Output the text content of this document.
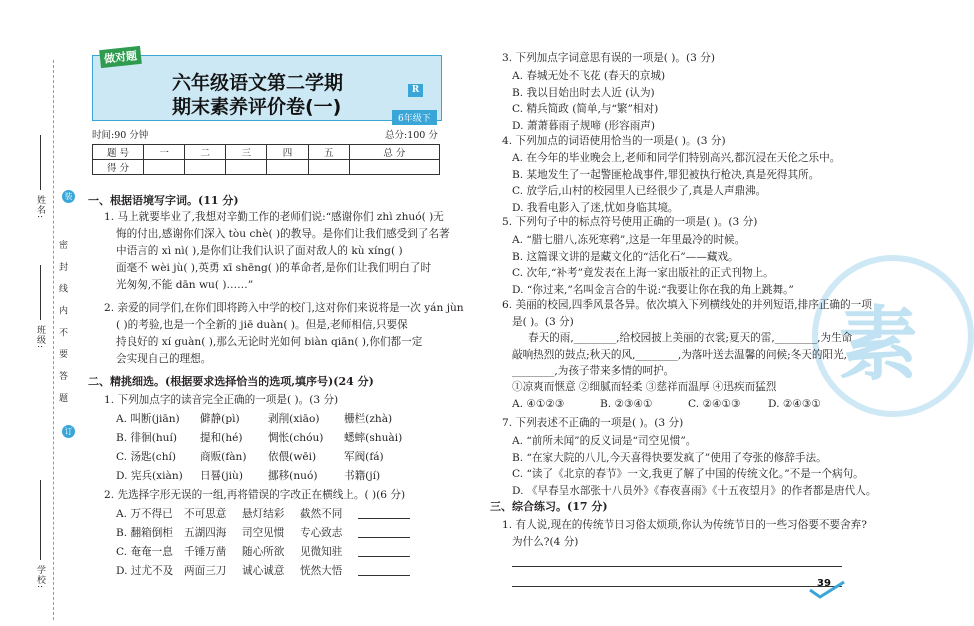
姓名:
班级:
学校:
密 封 线 内 不 要 答 题
装
订
做对题
六年级语文第二学期
期末素养评价卷(一)
R
6年级下
时间:90 分钟	总分:100 分
题 号	一	二	三	四	五	总 分
得 分						
一、根据语境写字词。(11 分)
1. 马上就要毕业了,我想对辛勤工作的老师们说:“感谢你们 zhì zhuó( )无
悔的付出,感谢你们深入 tòu chè( )的教导。是你们让我们感受到了名著
中语言的 xì nì( ),是你们让我们认识了面对敌人的 kù xíng( )
面毫不 wèi jù( ),英勇 xī shēng( )的革命者,是你们让我们明白了时
光匆匆,不能 dān wu( )……”
2. 亲爱的同学们,在你们即将跨入中学的校门,这对你们来说将是一次 yán jùn
( )的考验,也是一个全新的 jiē duàn( )。但是,老师相信,只要保
持良好的 xí guàn( ),那么无论时光如何 biàn qiān( ),你们都一定
会实现自己的理想。
二、精挑细选。(根据要求选择恰当的选项,填序号)(24 分)
1. 下列加点字的读音完全正确的一项是( )。(3 分)
A. 叫断(jiān) 僻静(pì)	剥削(xiāo) 栅栏(zhà)
B. 徘徊(huí) 提和(hé) 惆怅(chóu) 蟋蟀(shuài)
C. 汤匙(chí) 商贩(fàn) 依偎(wēi)	军阀(fá)
D. 宪兵(xiàn) 日晷(jiù) 挪移(nuó)	书籍(jí)
2. 先选择字形无误的一组,再将错误的字改正在横线上。( )(6 分)
A. 万不得已 不可思意 悬灯结彩 截然不同
B. 翻箱倒柜 五湖四海 司空见惯 专心致志
C. 奄奄一息 千锤万凿 随心所欲 见微知驻
D. 过尤不及 两面三刀 诚心诚意 恍然大悟
素
3. 下列加点字词意思有误的一项是( )。(3 分)
A. 春城无处不飞花 (春天的京城)
B. 我以目始出时去人近 (认为)
C. 精兵简政 (简单,与“繁”相对)
D. 萧萧暮雨子规啼 (形容雨声)
4. 下列加点的词语使用恰当的一项是( )。(3 分)
A. 在今年的毕业晚会上,老师和同学们特别高兴,都沉浸在天伦之乐中。
B. 某地发生了一起警匪枪战事件,罪犯被执行枪决,真是死得其所。
C. 放学后,山村的校园里人已经很少了,真是人声鼎沸。
D. 我看电影入了迷,忧如身临其境。
5. 下列句子中的标点符号使用正确的一项是( )。(3 分)
A. “腊七腊八,冻死寒鸦”,这是一年里最冷的时候。
B. 这篇课文讲的是藏文化的“活化石”——藏戏。
C. 次年,“补考”竟发表在上海一家出版社的正式刊物上。
D. “你过来,”名叫金言合的牛说:“我要让你在我的角上跳舞。”
6. 美丽的校园,四季风景各异。依次填入下列横线处的并列短语,排序正确的一项
是( )。(3 分)
春天的雨,________,给校园披上美丽的衣裳;夏天的雷,________,为生命
敲响热烈的鼓点;秋天的风,________,为落叶送去温馨的问候;冬天的阳光,
________,为孩子带来多情的呵护。
①凉爽而惬意 ②细腻而轻柔 ③慈祥而温厚 ④迅疾而猛烈
A. ④①②③	B. ②③④①	C. ②④①③	D. ②④③①
7. 下列表述不正确的一项是( )。(3 分)
A. “前所未闻”的反义词是“司空见惯”。
B. “在家大院的八儿,今天喜得快要发疯了”使用了夸张的修辞手法。
C. “读了《北京的春节》一文,我更了解了中国的传统文化。”不是一个病句。
D. 《早春呈水部张十八员外》《春夜喜雨》《十五夜望月》的作者都是唐代人。
三、综合练习。(17 分)
1. 有人说,现在的传统节日习俗太烦琐,你认为传统节日的一些习俗要不要舍弃?
为什么?(4 分)
39
